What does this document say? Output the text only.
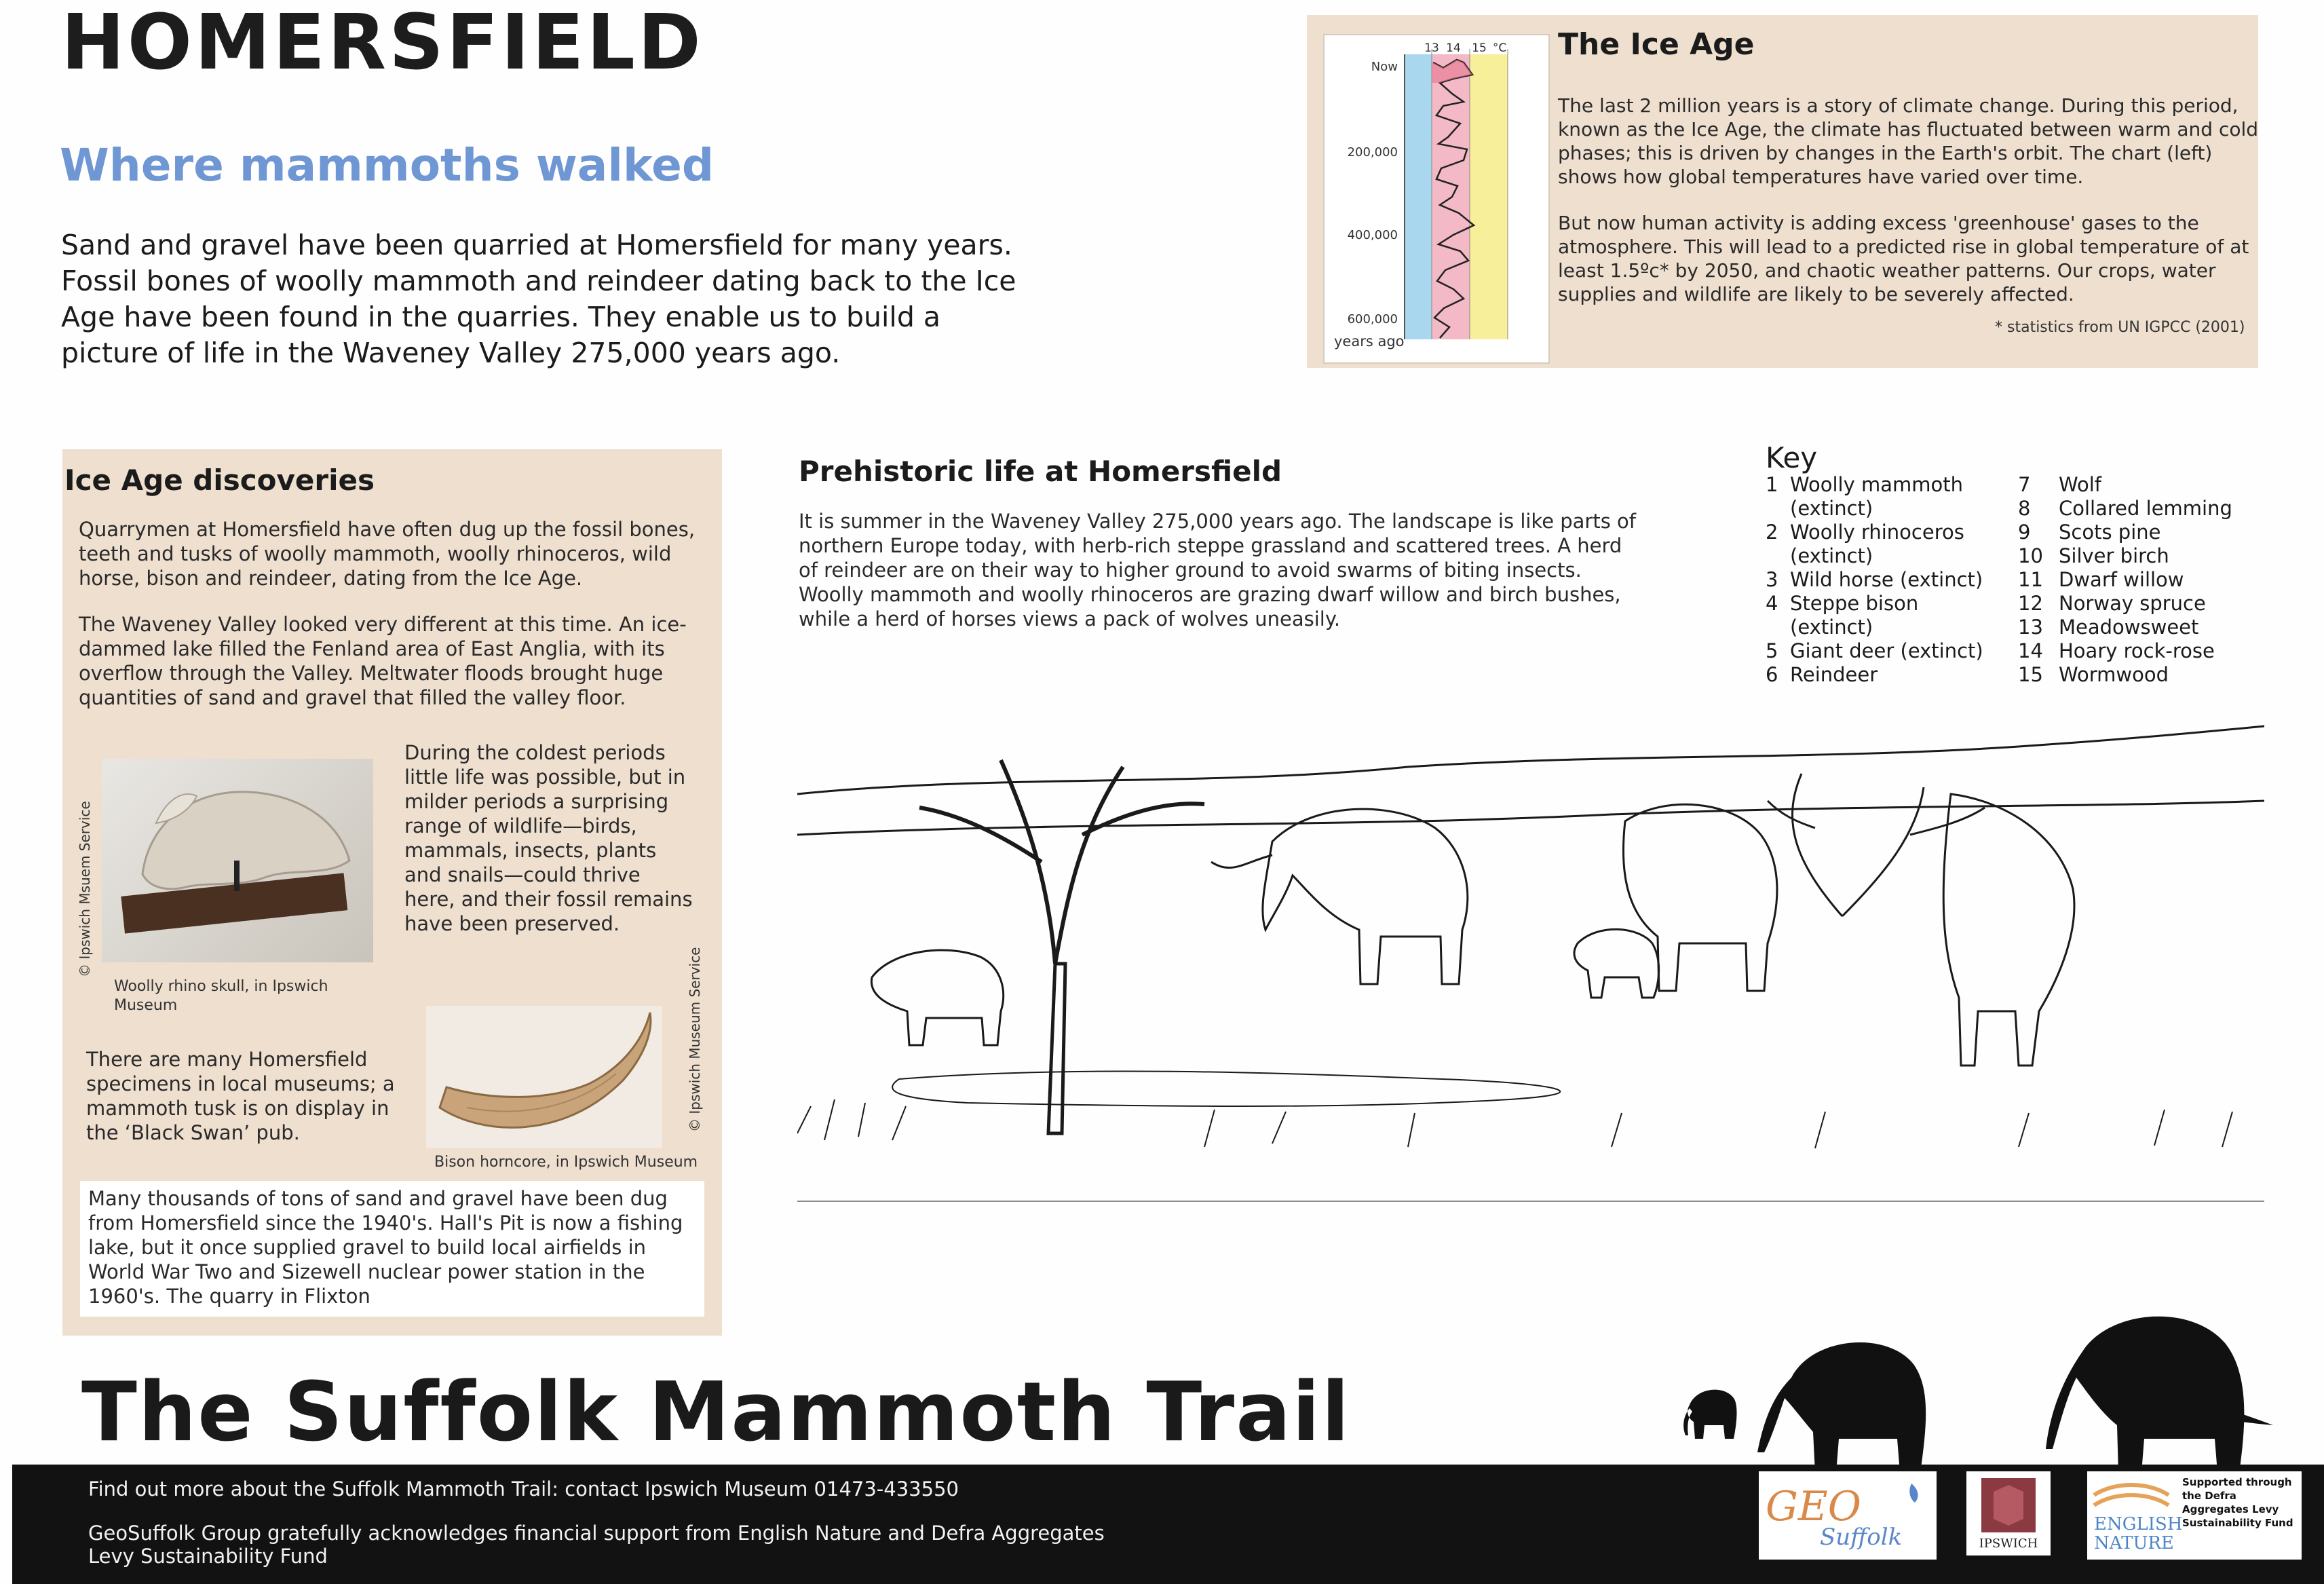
HOMERSFIELD
Where mammoths walked
Sand and gravel have been quarried at Homersfield for many years. Fossil bones of woolly mammoth and reindeer dating back to the Ice Age have been found in the quarries. They enable us to build a picture of life in the Waveney Valley 275,000 years ago.
13 14 15 °C
Now
200,000
400,000
600,000
years ago
The Ice Age
The last 2 million years is a story of climate change. During this period, known as the Ice Age, the climate has fluctuated between warm and cold phases; this is driven by changes in the Earth's orbit. The chart (left) shows how global temperatures have varied over time.
But now human activity is adding excess 'greenhouse' gases to the atmosphere. This will lead to a predicted rise in global temperature of at least 1.5ºc* by 2050, and chaotic weather patterns. Our crops, water supplies and wildlife are likely to be severely affected.
* statistics from UN IGPCC (2001)
Ice Age discoveries
Quarrymen at Homersfield have often dug up the fossil bones, teeth and tusks of woolly mammoth, woolly rhinoceros, wild horse, bison and reindeer, dating from the Ice Age.
The Waveney Valley looked very different at this time. An ice-dammed lake filled the Fenland area of East Anglia, with its overflow through the Valley. Meltwater floods brought huge quantities of sand and gravel that filled the valley floor.
© Ipswich Msuem Service
Woolly rhino skull, in Ipswich Museum
During the coldest periods little life was possible, but in milder periods a surprising range of wildlife—birds, mammals, insects, plants and snails—could thrive here, and their fossil remains have been preserved.
© Ipswich Museum Service
Bison horncore, in Ipswich Museum
There are many Homersfield specimens in local museums; a mammoth tusk is on display in the ‘Black Swan’ pub.
Many thousands of tons of sand and gravel have been dug from Homersfield since the 1940's. Hall's Pit is now a fishing lake, but it once supplied gravel to build local airfields in World War Two and Sizewell nuclear power station in the 1960's. The quarry in Flixton
Prehistoric life at Homersfield
It is summer in the Waveney Valley 275,000 years ago. The landscape is like parts of northern Europe today, with herb-rich steppe grassland and scattered trees. A herd of reindeer are on their way to higher ground to avoid swarms of biting insects. Woolly mammoth and woolly rhinoceros are grazing dwarf willow and birch bushes, while a herd of horses views a pack of wolves uneasily.
Key
1 Woolly mammoth
(extinct)
2 Woolly rhinoceros
(extinct)
3 Wild horse (extinct)
4 Steppe bison
(extinct)
5 Giant deer (extinct)
6 Reindeer
7	Wolf
8	Collared lemming
9	Scots pine
10 Silver birch
11 Dwarf willow
12 Norway spruce
13 Meadowsweet
14 Hoary rock-rose
15 Wormwood
The Suffolk Mammoth Trail
Find out more about the Suffolk Mammoth Trail: contact Ipswich Museum 01473-433550
GeoSuffolk Group gratefully acknowledges financial support from English Nature and Defra Aggregates Levy Sustainability Fund
GEO
Suffolk	IPSWICH
ENGLISH
NATURE
Supported through the Defra Aggregates Levy Sustainability Fund
